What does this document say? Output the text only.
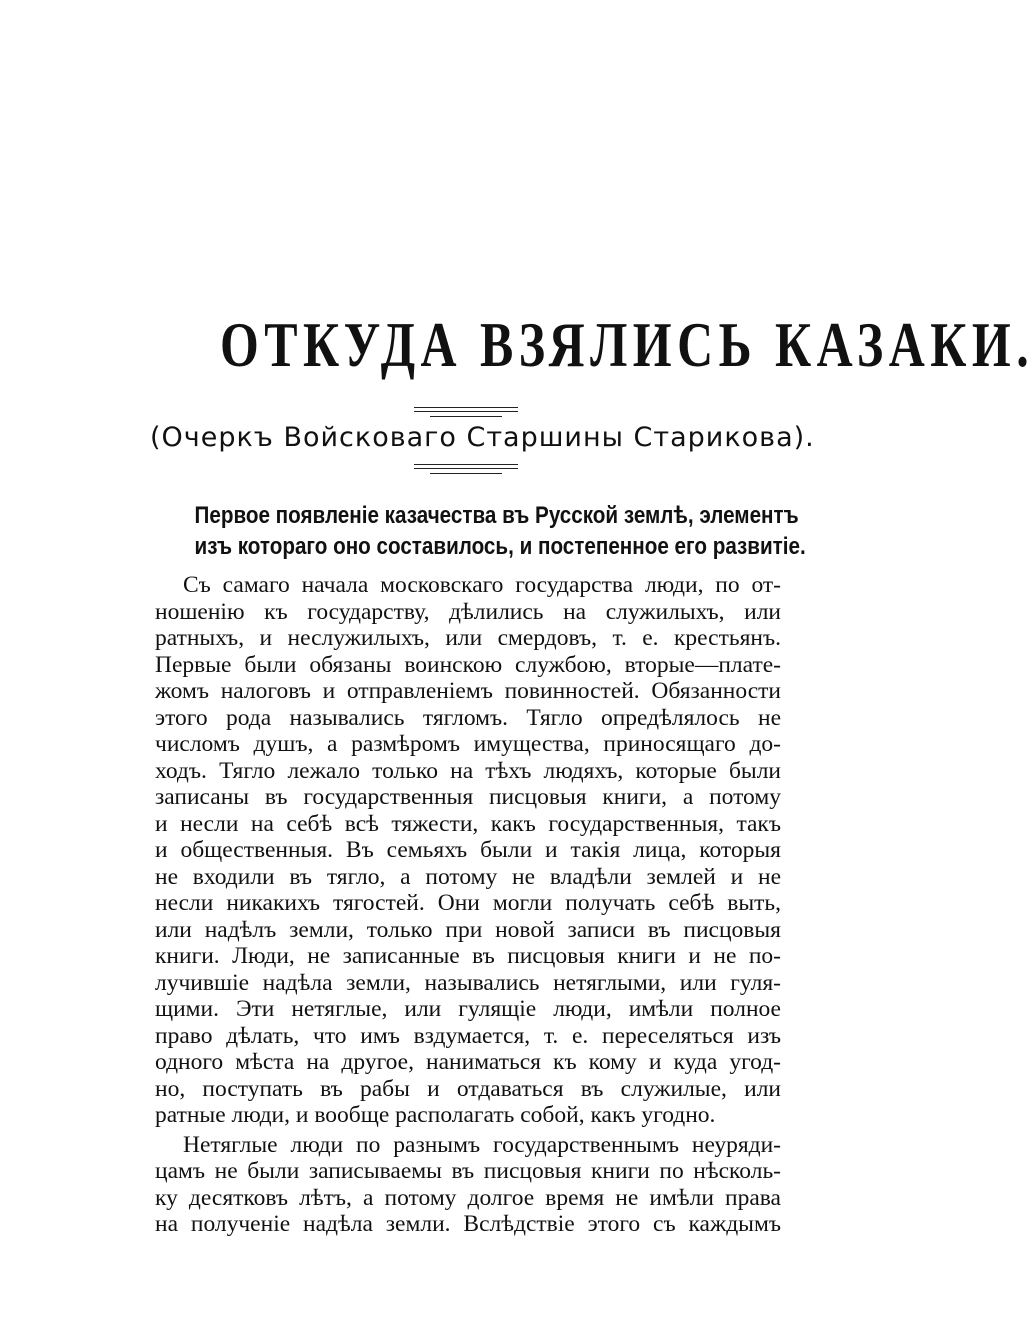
ОТКУДА ВЗЯЛИСЬ КАЗАКИ.
(Очеркъ Войсковаго Старшины Старикова).
Первое появленіе казачества въ Русской землѣ, элементъ
изъ котораго оно составилось, и постепенное его развитіе.
Съ самаго начала московскаго государства люди, по от-
ношенію къ государству, дѣлились на служилыхъ, или
ратныхъ, и неслужилыхъ, или смердовъ, т. е. крестьянъ.
Первые были обязаны воинскою службою, вторые—платe-
жомъ налоговъ и отправленіемъ повинностей. Обязанности
этого рода назывались тягломъ. Тягло опредѣлялось не
числомъ душъ, а размѣромъ имущества, приносящаго до-
ходъ. Тягло лежало только на тѣхъ людяхъ, которые были
записаны въ государственныя писцовыя книги, а потому
и несли на себѣ всѣ тяжести, какъ государственныя, такъ
и общественныя. Въ семьяхъ были и такія лица, которыя
не входили въ тягло, а потому не владѣли землей и не
несли никакихъ тягостей. Они могли получать себѣ выть,
или надѣлъ земли, только при новой записи въ писцовыя
книги. Люди, не записанные въ писцовыя книги и не по-
лучившіе надѣла земли, назывались нетяглыми, или гуля-
щими. Эти нетяглые, или гулящіе люди, имѣли полное
право дѣлать, что имъ вздумается, т. е. переселяться изъ
одного мѣста на другое, наниматься къ кому и куда угод-
но, поступать въ рабы и отдаваться въ служилые, или
ратные люди, и вообще располагать собой, какъ угодно.
Нетяглые люди по разнымъ государственнымъ неуряди-
цамъ не были записываемы въ писцовыя книги по нѣсколь-
ку десятковъ лѣтъ, а потому долгое время не имѣли права
на полученіе надѣла земли. Вслѣдствіе этого съ каждымъ
